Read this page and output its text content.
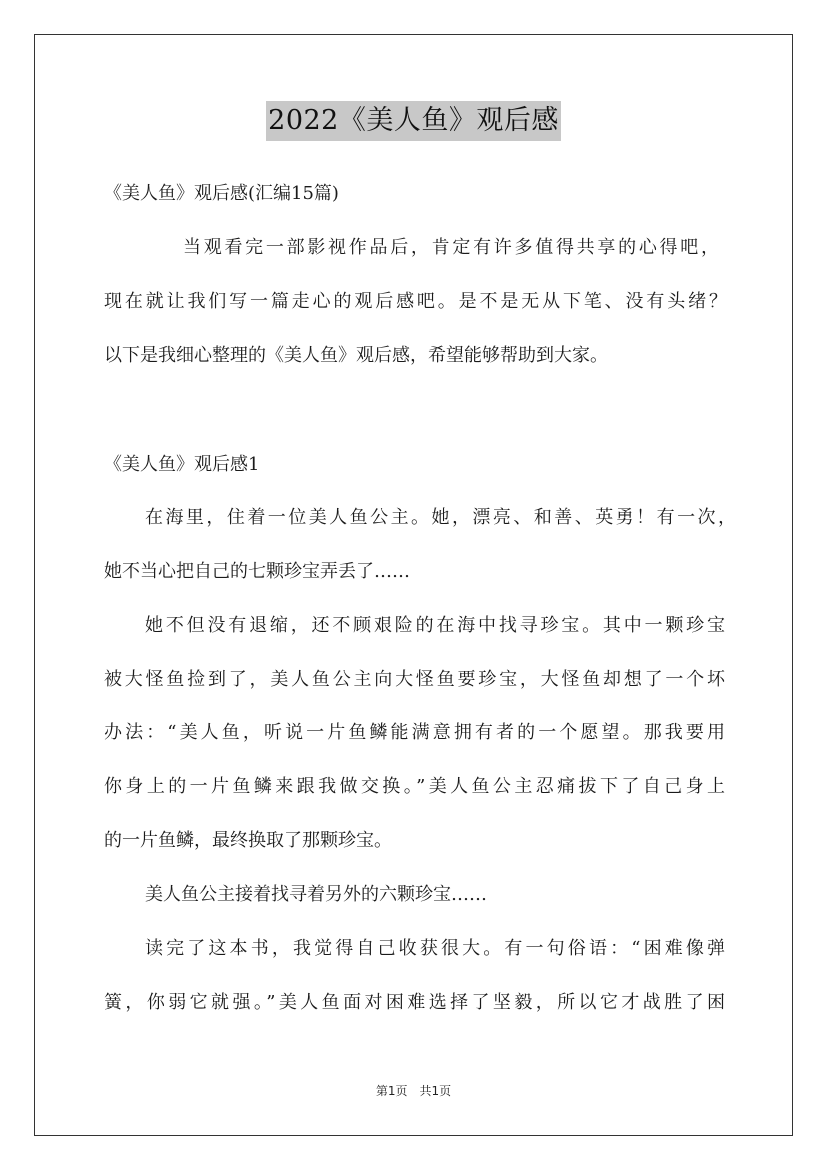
2022《美人鱼》观后感
《美人鱼》观后感(汇编15篇)
当观看完一部影视作品后，肯定有许多值得共享的心得吧，
现在就让我们写一篇走心的观后感吧。是不是无从下笔、没有头绪？
以下是我细心整理的《美人鱼》观后感，希望能够帮助到大家。
《美人鱼》观后感1
在海里，住着一位美人鱼公主。她，漂亮、和善、英勇！有一次，
她不当心把自己的七颗珍宝弄丢了……
她不但没有退缩，还不顾艰险的在海中找寻珍宝。其中一颗珍宝
被大怪鱼捡到了，美人鱼公主向大怪鱼要珍宝，大怪鱼却想了一个坏
办法：“美人鱼，听说一片鱼鳞能满意拥有者的一个愿望。那我要用
你身上的一片鱼鳞来跟我做交换。”美人鱼公主忍痛拔下了自己身上
的一片鱼鳞，最终换取了那颗珍宝。
美人鱼公主接着找寻着另外的六颗珍宝……
读完了这本书，我觉得自己收获很大。有一句俗语：“困难像弹
簧，你弱它就强。”美人鱼面对困难选择了坚毅，所以它才战胜了困
第1页　共1页
